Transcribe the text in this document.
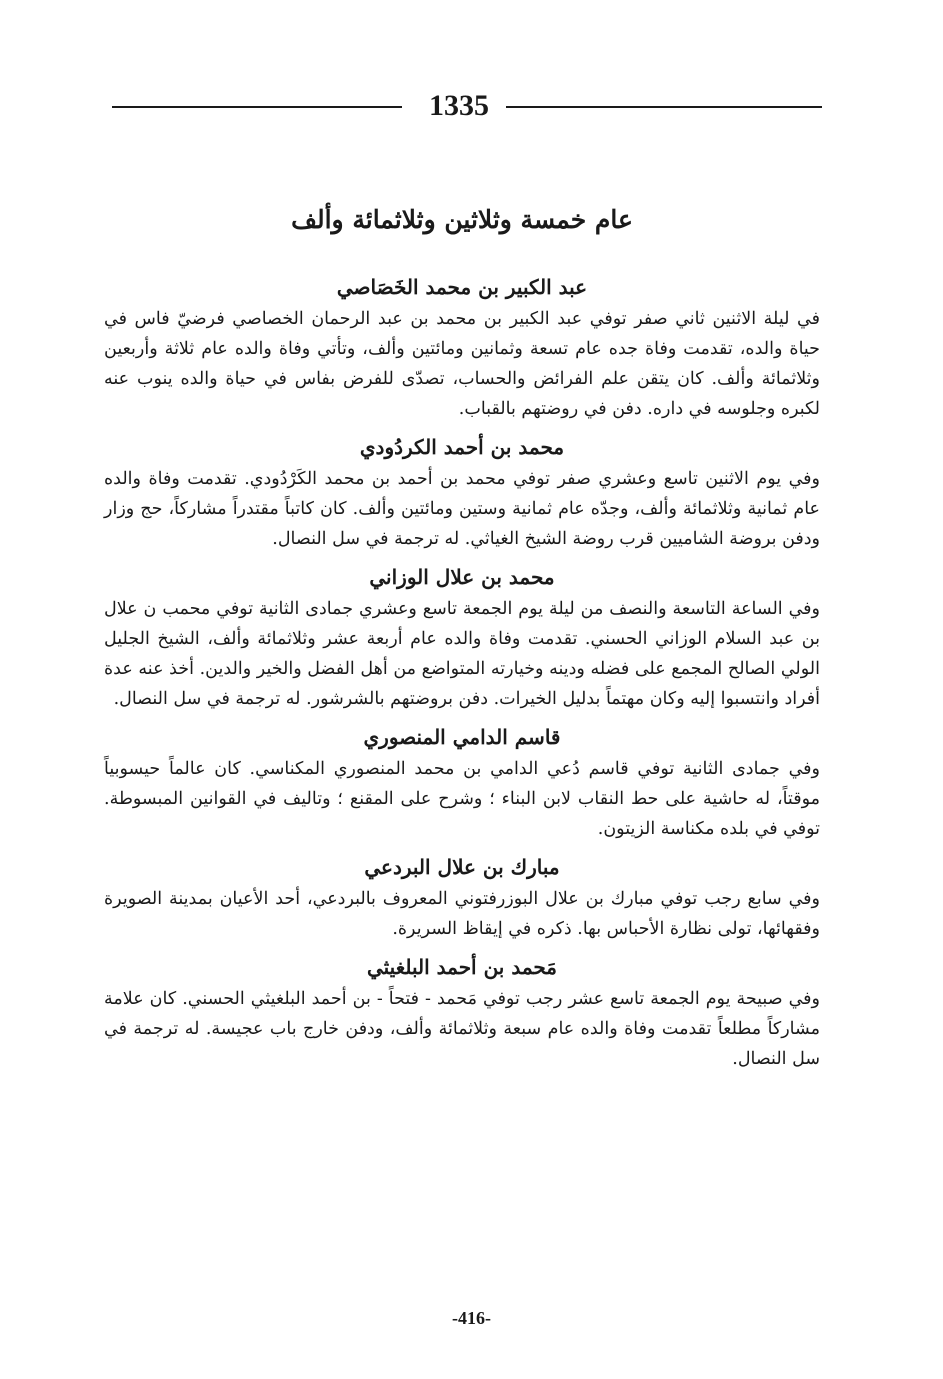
1335
عام خمسة وثلاثين وثلاثمائة وألف
عبد الكبير بن محمد الخَصَاصي

في ليلة الاثنين ثاني صفر توفي عبد الكبير بن محمد بن عبد الرحمان الخصاصي فرضيّ فاس في حياة والده، تقدمت وفاة جده عام تسعة وثمانين ومائتين وألف، وتأتي وفاة والده عام ثلاثة وأربعين وثلاثمائة وألف. كان يتقن علم الفرائض والحساب، تصدّى للفرض بفاس في حياة والده ينوب عنه لكبره وجلوسه في داره. دفن في روضتهم بالقباب.

محمد بن أحمد الكردُودي

وفي يوم الاثنين تاسع وعشري صفر توفي محمد بن أحمد بن محمد الكَرْدُودي. تقدمت وفاة والده عام ثمانية وثلاثمائة وألف، وجدّه عام ثمانية وستين ومائتين وألف. كان كاتباً مقتدراً مشاركاً، حج وزار ودفن بروضة الشاميين قرب روضة الشيخ الغياثي. له ترجمة في سل النصال.

محمد بن علال الوزاني

وفي الساعة التاسعة والنصف من ليلة يوم الجمعة تاسع وعشري جمادى الثانية توفي محمب ن علال بن عبد السلام الوزاني الحسني. تقدمت وفاة والده عام أربعة عشر وثلاثمائة وألف، الشيخ الجليل الولي الصالح المجمع على فضله ودينه وخيارته المتواضع من أهل الفضل والخير والدين. أخذ عنه عدة أفراد وانتسبوا إليه وكان مهتماً بدليل الخيرات. دفن بروضتهم بالشرشور. له ترجمة في سل النصال.

قاسم الدامي المنصوري

وفي جمادى الثانية توفي قاسم دُعي الدامي بن محمد المنصوري المكناسي. كان عالماً حيسوبياً موقتاً، له حاشية على حط النقاب لابن البناء ؛ وشرح على المقنع ؛ وتاليف في القوانين المبسوطة. توفي في بلده مكناسة الزيتون.

مبارك بن علال البردعي

وفي سابع رجب توفي مبارك بن علال البوزرفتوني المعروف بالبردعي، أحد الأعيان بمدينة الصويرة وفقهائها، تولى نظارة الأحباس بها. ذكره في إيقاظ السريرة.

مَحمد بن أحمد البلغيثي

وفي صبيحة يوم الجمعة تاسع عشر رجب توفي مَحمد - فتحاً - بن أحمد البلغيثي الحسني. كان علامة مشاركاً مطلعاً تقدمت وفاة والده عام سبعة وثلاثمائة وألف، ودفن خارج باب عجيسة. له ترجمة في سل النصال.

-416-
